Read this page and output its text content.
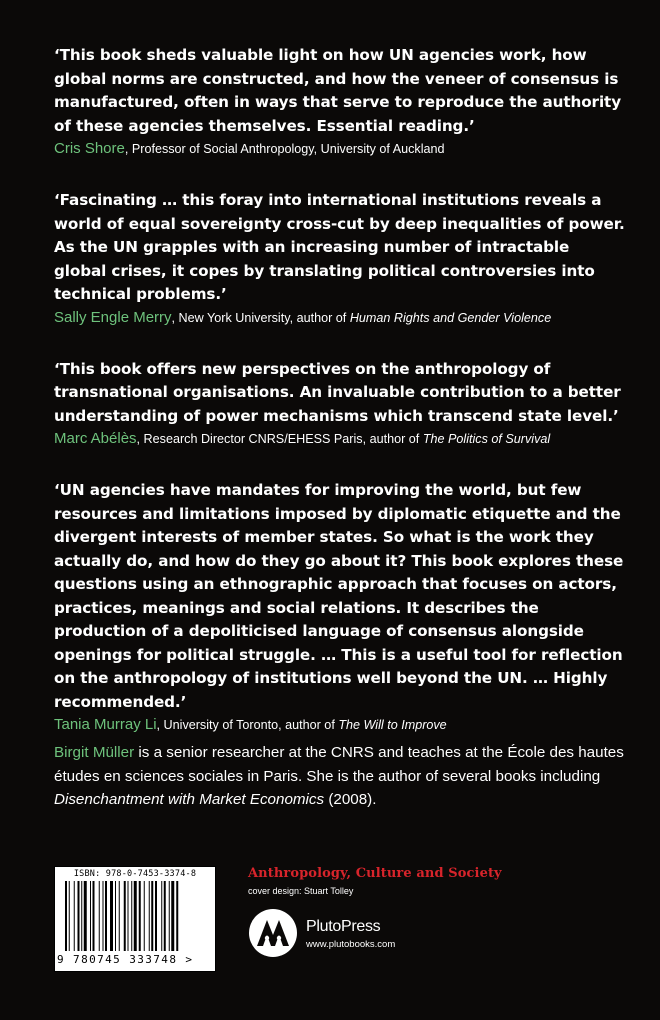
‘This book sheds valuable light on how UN agencies work, how global norms are constructed, and how the veneer of consensus is manufactured, often in ways that serve to reproduce the authority of these agencies themselves. Essential reading.’

Cris Shore, Professor of Social Anthropology, University of Auckland

‘Fascinating … this foray into international institutions reveals a world of equal sovereignty cross-cut by deep inequalities of power. As the UN grapples with an increasing number of intractable global crises, it copes by translating political controversies into technical problems.’

Sally Engle Merry, New York University, author of Human Rights and Gender Violence

‘This book offers new perspectives on the anthropology of transnational organisations. An invaluable contribution to a better understanding of power mechanisms which transcend state level.’

Marc Abélès, Research Director CNRS/EHESS Paris, author of The Politics of Survival

‘UN agencies have mandates for improving the world, but few resources and limitations imposed by diplomatic etiquette and the divergent interests of member states. So what is the work they actually do, and how do they go about it? This book explores these questions using an ethnographic approach that focuses on actors, practices, meanings and social relations. It describes the production of a depoliticised language of consensus alongside openings for political struggle. … This is a useful tool for reflection on the anthropology of institutions well beyond the UN. … Highly recommended.’

Tania Murray Li, University of Toronto, author of The Will to Improve

Birgit Müller is a senior researcher at the CNRS and teaches at the École des hautes études en sciences sociales in Paris. She is the author of several books including Disenchantment with Market Economics (2008).

ISBN: 978-0-7453-3374-8
9 780745 333748 >
Anthropology, Culture and Society
cover design: Stuart Tolley
PlutoPress
www.plutobooks.com
